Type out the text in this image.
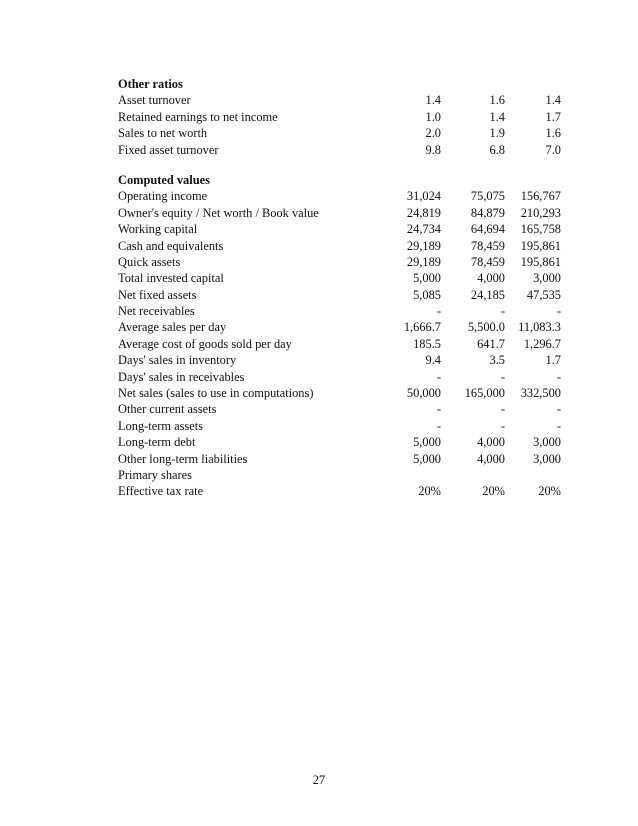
Other ratios
Asset turnover	1.4	1.6	1.4
Retained earnings to net income	1.0	1.4	1.7
Sales to net worth	2.0	1.9	1.6
Fixed asset turnover	9.8	6.8	7.0
Computed values
Operating income	31,024	75,075	156,767
Owner's equity / Net worth / Book value	24,819	84,879	210,293
Working capital	24,734	64,694	165,758
Cash and equivalents	29,189	78,459	195,861
Quick assets	29,189	78,459	195,861
Total invested capital	5,000	4,000	3,000
Net fixed assets	5,085	24,185	47,535
Net receivables	-	-	-
Average sales per day	1,666.7	5,500.0	11,083.3
Average cost of goods sold per day	185.5	641.7	1,296.7
Days' sales in inventory	9.4	3.5	1.7
Days' sales in receivables	-	-	-
Net sales (sales to use in computations)	50,000	165,000	332,500
Other current assets	-	-	-
Long-term assets	-	-	-
Long-term debt	5,000	4,000	3,000
Other long-term liabilities	5,000	4,000	3,000
Primary shares
Effective tax rate	20%	20%	20%
27
